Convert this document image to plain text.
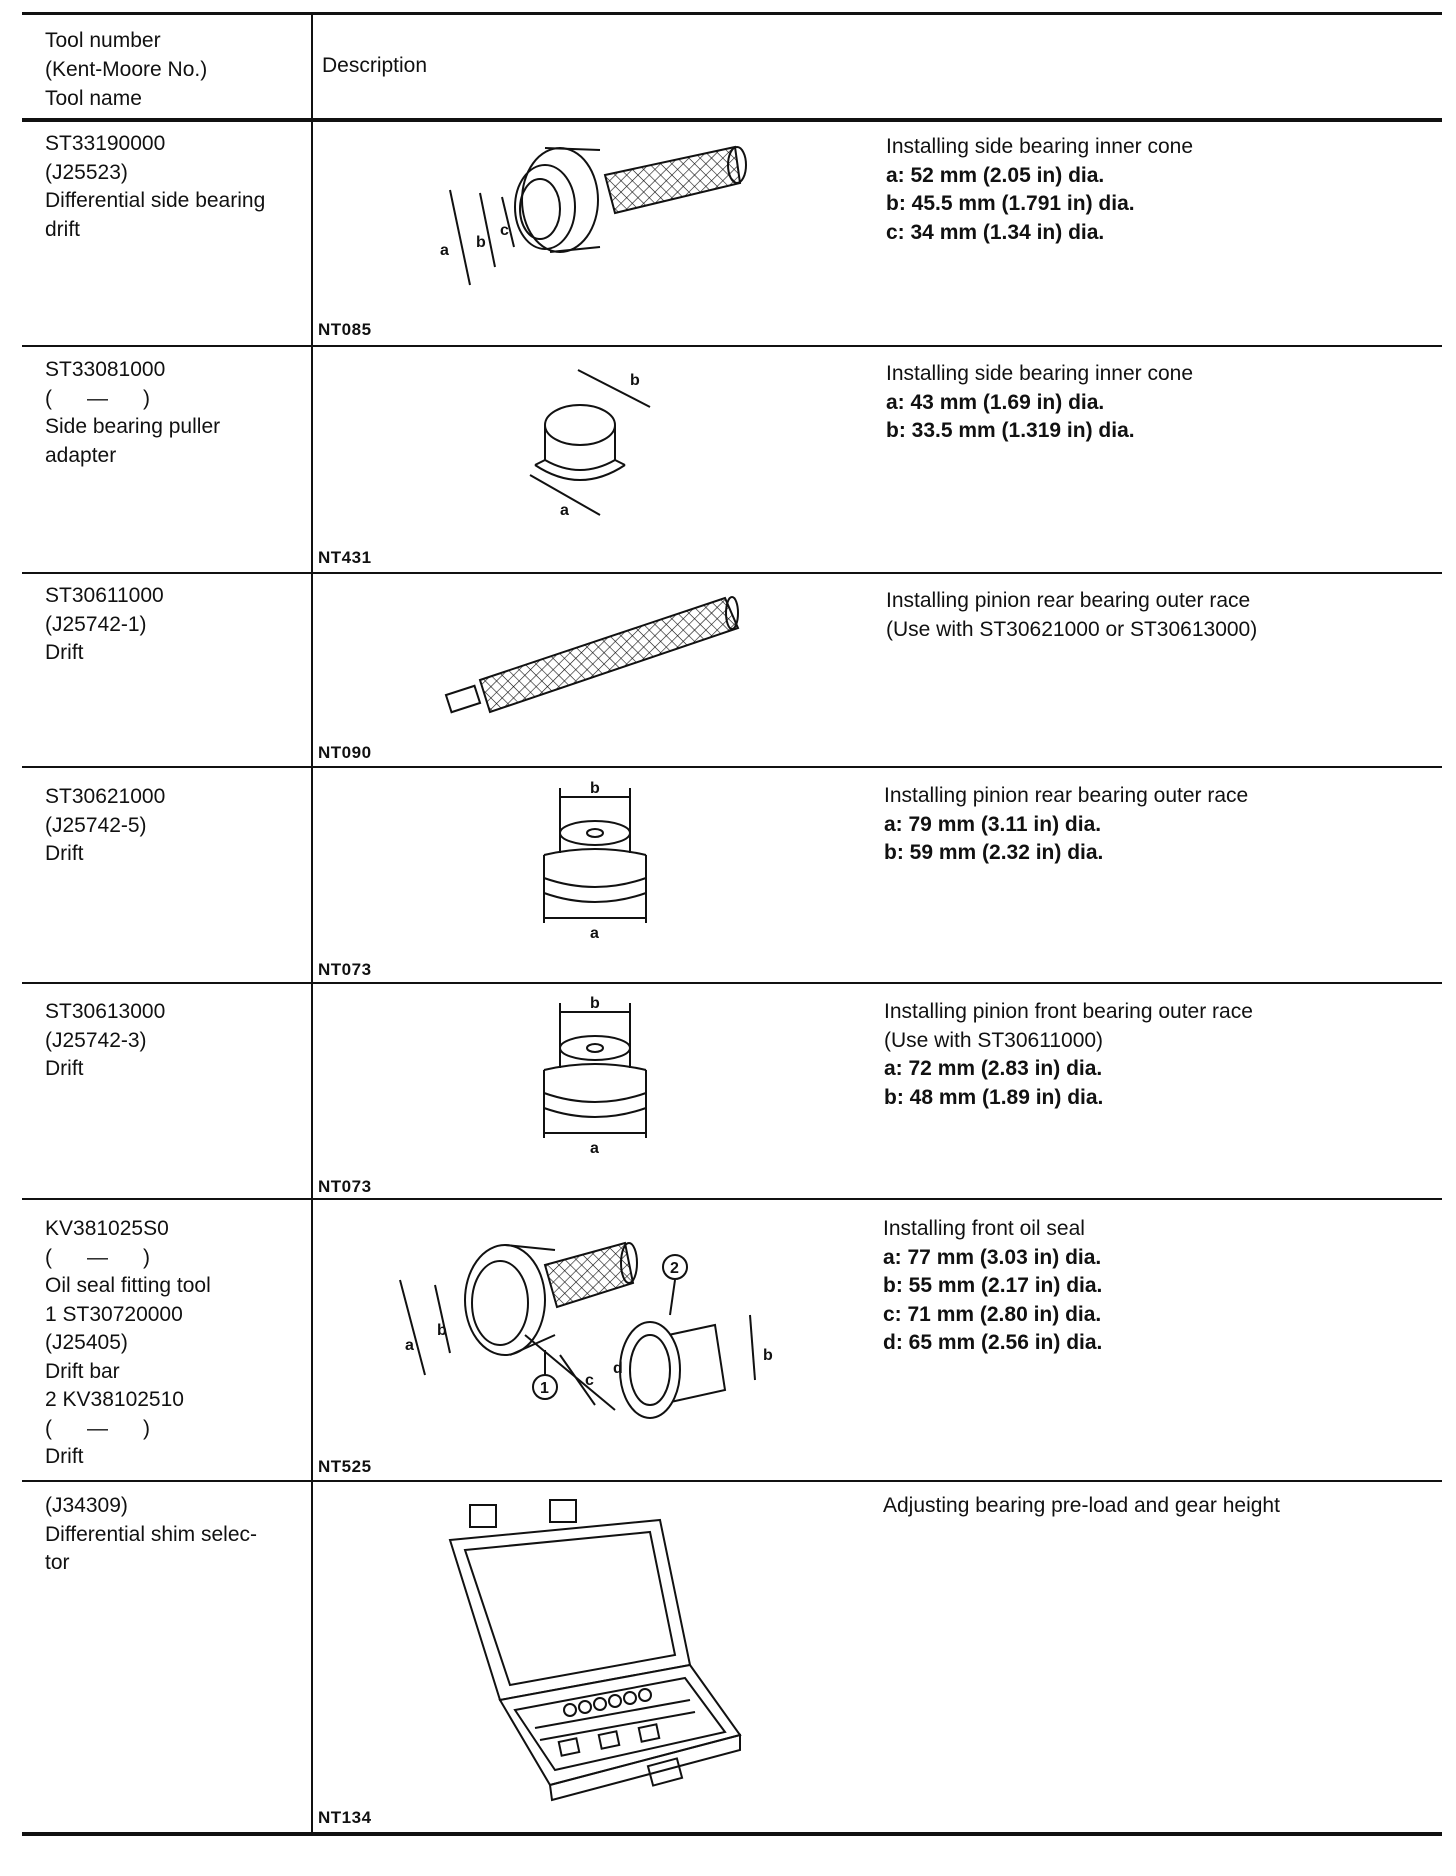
Tool number
(Kent-Moore No.)
Tool name
Description
ST33190000
(J25523)
Differential side bearing
drift
a b
c
NT085
Installing side bearing inner cone
a: 52 mm (2.05 in) dia.
b: 45.5 mm (1.791 in) dia.
c: 34 mm (1.34 in) dia.
ST33081000
(      —      )
Side bearing puller
adapter
b
a
NT431
Installing side bearing inner cone
a: 43 mm (1.69 in) dia.
b: 33.5 mm (1.319 in) dia.
ST30611000
(J25742-1)
Drift
NT090
Installing pinion rear bearing outer race
(Use with ST30621000 or ST30613000)
ST30621000
(J25742-5)
Drift
b
a
NT073
Installing pinion rear bearing outer race
a: 79 mm (3.11 in) dia.
b: 59 mm (2.32 in) dia.
ST30613000
(J25742-3)
Drift
b
a
NT073
Installing pinion front bearing outer race
(Use with ST30611000)
a: 72 mm (2.83 in) dia.
b: 48 mm (1.89 in) dia.
KV381025S0
(      —      )
Oil seal fitting tool
1 ST30720000
(J25405)
Drift bar
2 KV38102510
(      —      )
Drift
a
b
c
d
b
1
2
NT525
Installing front oil seal
a: 77 mm (3.03 in) dia.
b: 55 mm (2.17 in) dia.
c: 71 mm (2.80 in) dia.
d: 65 mm (2.56 in) dia.
(J34309)
Differential shim selec-
tor
NT134
Adjusting bearing pre-load and gear height
